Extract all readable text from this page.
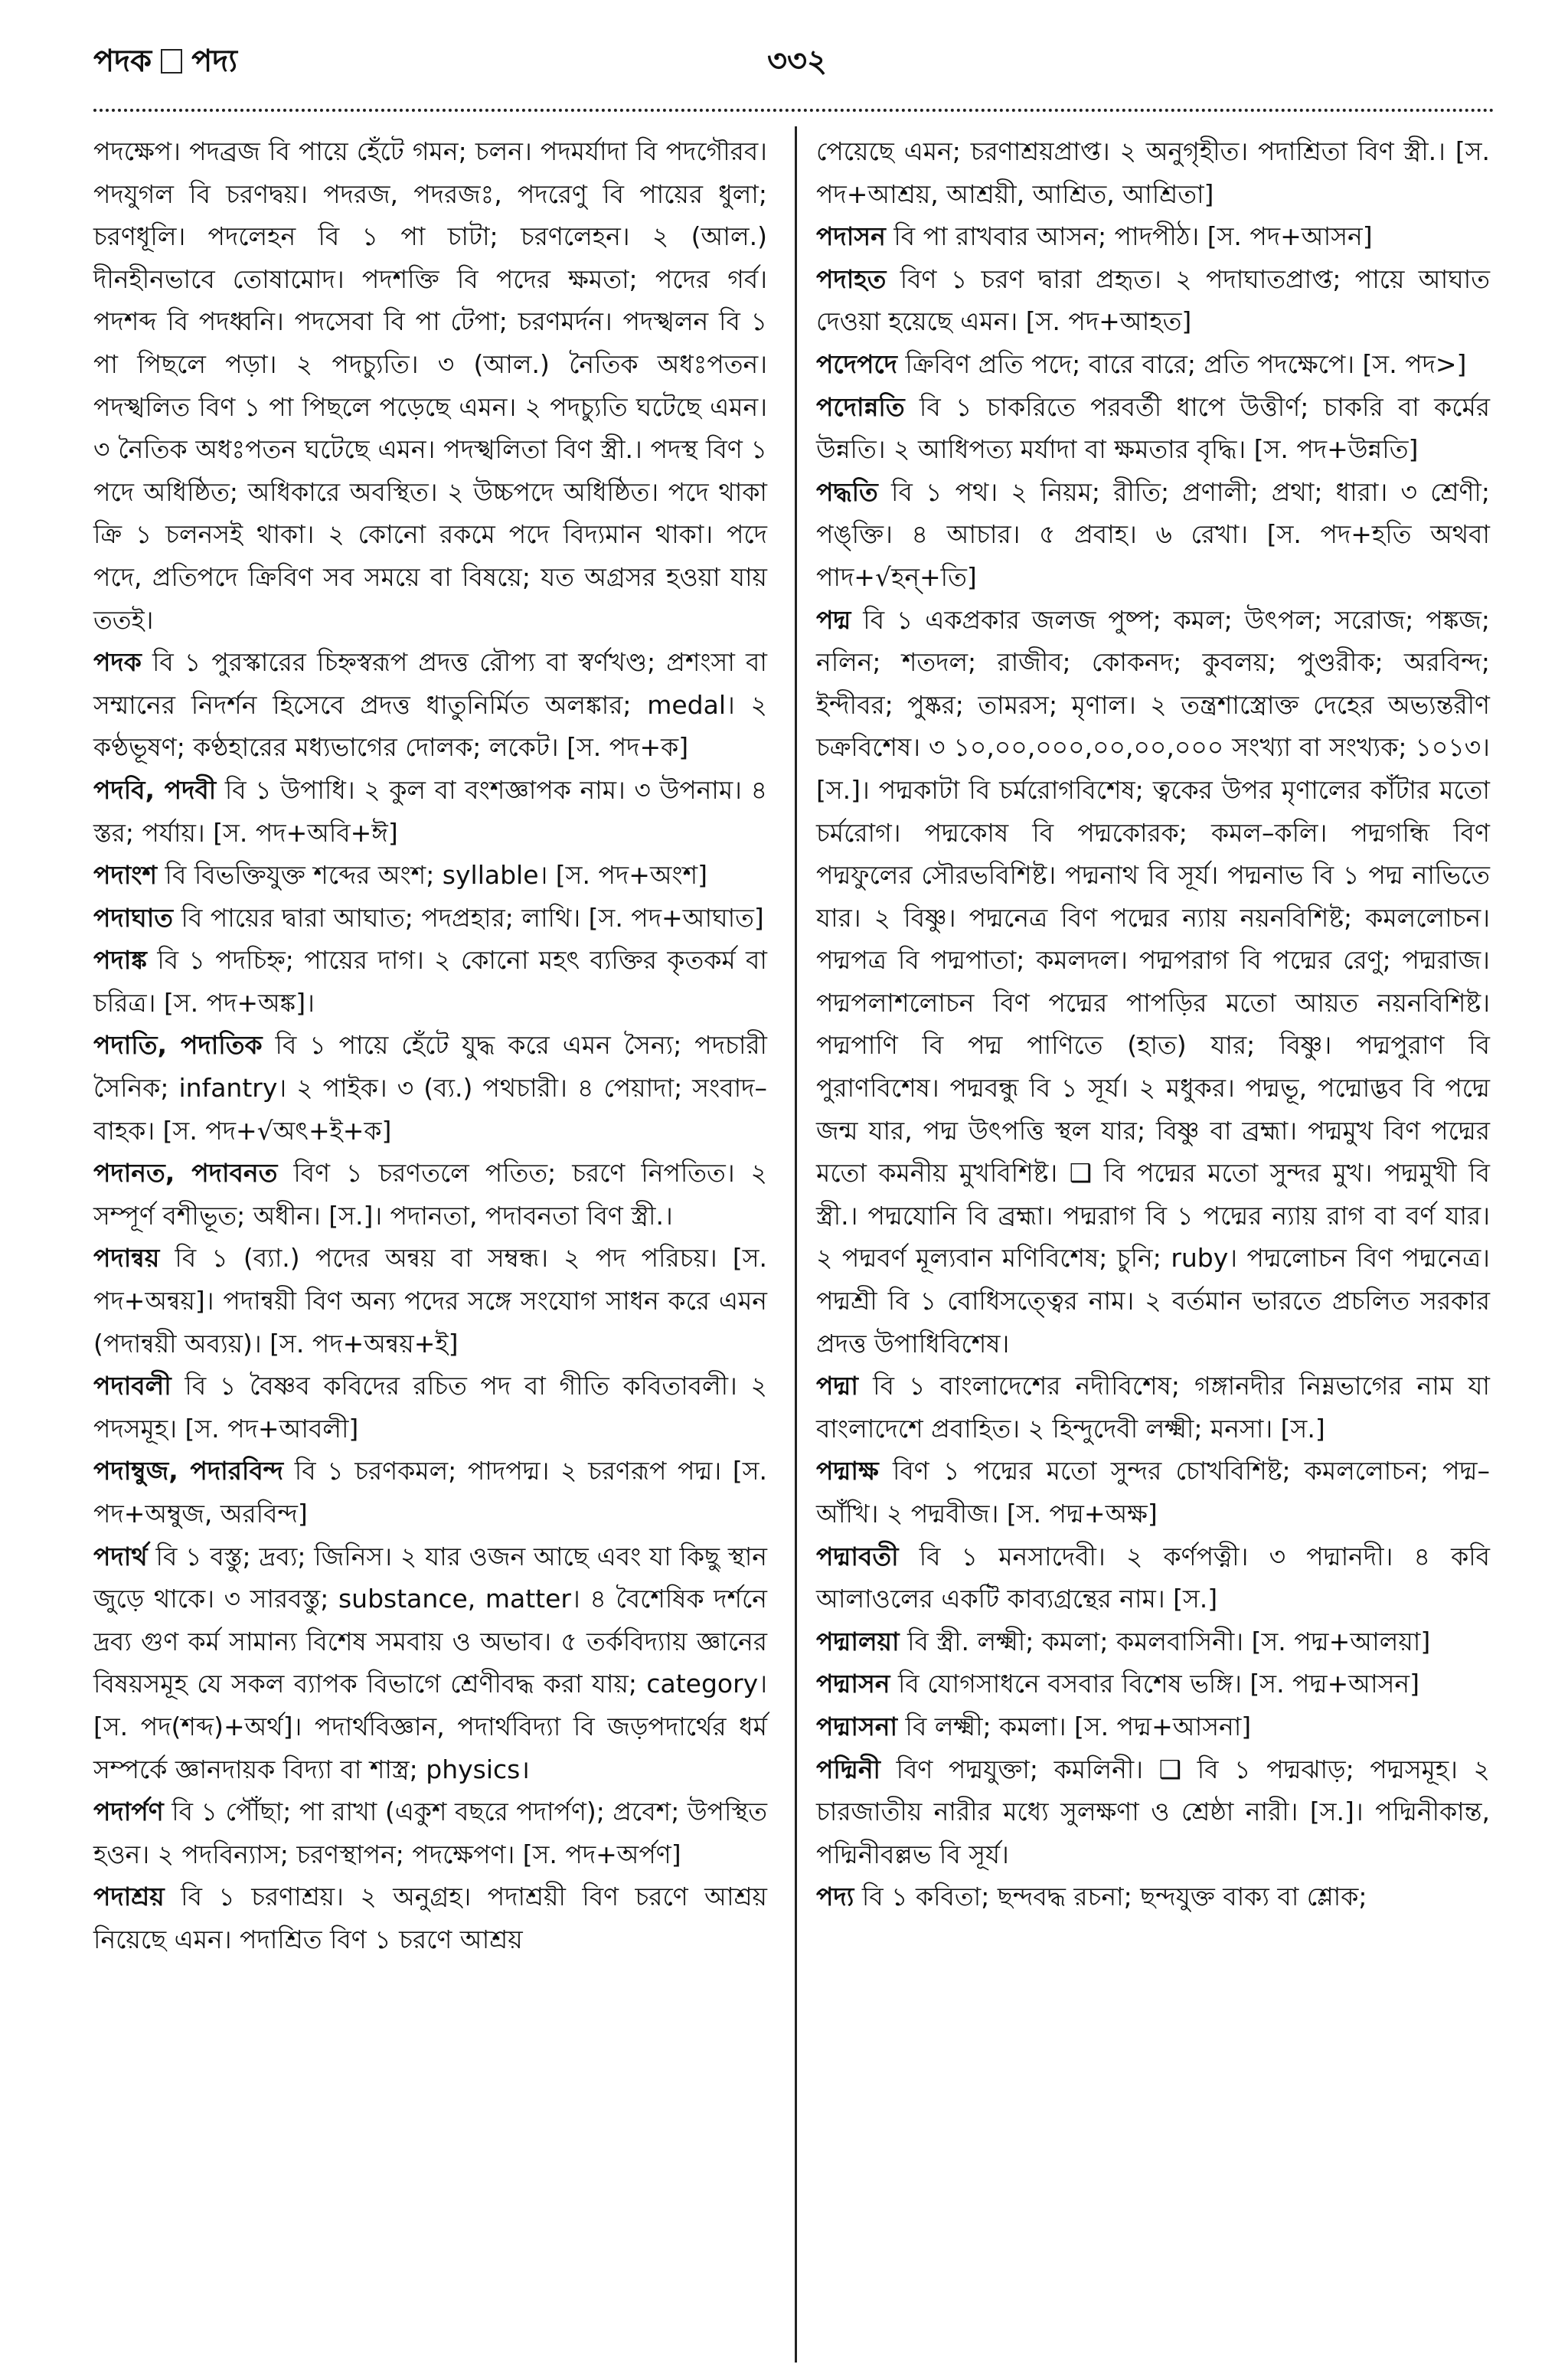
পদক পদ্য	৩৩২

পদক্ষেপ। পদব্রজ বি পায়ে হেঁটে গমন; চলন। পদমর্যাদা বি পদগৌরব। পদযুগল বি চরণদ্বয়। পদরজ, পদরজঃ, পদরেণু বি পায়ের ধুলা; চরণধূলি। পদলেহন বি ১ পা চাটা; চরণলেহন। ২ (আল.) দীনহীনভাবে তোষামোদ। পদশক্তি বি পদের ক্ষমতা; পদের গর্ব। পদশব্দ বি পদধ্বনি। পদসেবা বি পা টেপা; চরণমর্দন। পদস্খলন বি ১ পা পিছলে পড়া। ২ পদচ্যুতি। ৩ (আল.) নৈতিক অধঃপতন। পদস্খলিত বিণ ১ পা পিছলে পড়েছে এমন। ২ পদচ্যুতি ঘটেছে এমন। ৩ নৈতিক অধঃপতন ঘটেছে এমন। পদস্খলিতা বিণ স্ত্রী.। পদস্থ বিণ ১ পদে অধিষ্ঠিত; অধিকারে অবস্থিত। ২ উচ্চপদে অধিষ্ঠিত। পদে থাকা ক্রি ১ চলনসই থাকা। ২ কোনো রকমে পদে বিদ্যমান থাকা। পদে পদে, প্রতিপদে ক্রিবিণ সব সময়ে বা বিষয়ে; যত অগ্রসর হওয়া যায় ততই।

পদক বি ১ পুরস্কারের চিহ্নস্বরূপ প্রদত্ত রৌপ্য বা স্বর্ণখণ্ড; প্রশংসা বা সম্মানের নিদর্শন হিসেবে প্রদত্ত ধাতুনির্মিত অলঙ্কার; medal। ২ কণ্ঠভূষণ; কণ্ঠহারের মধ্যভাগের দোলক; লকেট। [স. পদ+ক]

পদবি, পদবী বি ১ উপাধি। ২ কুল বা বংশজ্ঞাপক নাম। ৩ উপনাম। ৪ স্তর; পর্যায়। [স. পদ+অবি+ঈ]

পদাংশ বি বিভক্তিযুক্ত শব্দের অংশ; syllable। [স. পদ+অংশ]

পদাঘাত বি পায়ের দ্বারা আঘাত; পদপ্রহার; লাথি। [স. পদ+আঘাত]

পদাঙ্ক বি ১ পদচিহ্ন; পায়ের দাগ। ২ কোনো মহৎ ব্যক্তির কৃতকর্ম বা চরিত্র। [স. পদ+অঙ্ক]।

পদাতি, পদাতিক বি ১ পায়ে হেঁটে যুদ্ধ করে এমন সৈন্য; পদচারী সৈনিক; infantry। ২ পাইক। ৩ (ব্য.) পথচারী। ৪ পেয়াদা; সংবাদ–বাহক। [স. পদ+√অৎ+ই+ক]

পদানত, পদাবনত বিণ ১ চরণতলে পতিত; চরণে নিপতিত। ২ সম্পূর্ণ বশীভূত; অধীন। [স.]। পদানতা, পদাবনতা বিণ স্ত্রী.।

পদান্বয় বি ১ (ব্যা.) পদের অন্বয় বা সম্বন্ধ। ২ পদ পরিচয়। [স. পদ+অন্বয়]। পদান্বয়ী বিণ অন্য পদের সঙ্গে সংযোগ সাধন করে এমন (পদান্বয়ী অব্যয়)। [স. পদ+অন্বয়+ই]

পদাবলী বি ১ বৈষ্ণব কবিদের রচিত পদ বা গীতি কবিতাবলী। ২ পদসমূহ। [স. পদ+আবলী]

পদাম্বুজ, পদারবিন্দ বি ১ চরণকমল; পাদপদ্ম। ২ চরণরূপ পদ্ম। [স. পদ+অম্বুজ, অরবিন্দ]

পদার্থ বি ১ বস্তু; দ্রব্য; জিনিস। ২ যার ওজন আছে এবং যা কিছু স্থান জুড়ে থাকে। ৩ সারবস্তু; substance, matter। ৪ বৈশেষিক দর্শনে দ্রব্য গুণ কর্ম সামান্য বিশেষ সমবায় ও অভাব। ৫ তর্কবিদ্যায় জ্ঞানের বিষয়সমূহ যে সকল ব্যাপক বিভাগে শ্রেণীবদ্ধ করা যায়; category। [স. পদ(শব্দ)+অর্থ]। পদার্থবিজ্ঞান, পদার্থবিদ্যা বি জড়পদার্থের ধর্ম সম্পর্কে জ্ঞানদায়ক বিদ্যা বা শাস্ত্র; physics।

পদার্পণ বি ১ পৌঁছা; পা রাখা (একুশ বছরে পদার্পণ); প্রবেশ; উপস্থিত হওন। ২ পদবিন্যাস; চরণস্থাপন; পদক্ষেপণ। [স. পদ+অর্পণ]

পদাশ্রয় বি ১ চরণাশ্রয়। ২ অনুগ্রহ। পদাশ্রয়ী বিণ চরণে আশ্রয় নিয়েছে এমন। পদাশ্রিত বিণ ১ চরণে আশ্রয়

পেয়েছে এমন; চরণাশ্রয়প্রাপ্ত। ২ অনুগৃহীত। পদাশ্রিতা বিণ স্ত্রী.। [স. পদ+আশ্রয়, আশ্রয়ী, আশ্রিত, আশ্রিতা]

পদাসন বি পা রাখবার আসন; পাদপীঠ। [স. পদ+আসন]

পদাহত বিণ ১ চরণ দ্বারা প্রহৃত। ২ পদাঘাতপ্রাপ্ত; পায়ে আঘাত দেওয়া হয়েছে এমন। [স. পদ+আহত]

পদেপদে ক্রিবিণ প্রতি পদে; বারে বারে; প্রতি পদক্ষেপে। [স. পদ>]

পদোন্নতি বি ১ চাকরিতে পরবর্তী ধাপে উত্তীর্ণ; চাকরি বা কর্মের উন্নতি। ২ আধিপত্য মর্যাদা বা ক্ষমতার বৃদ্ধি। [স. পদ+উন্নতি]

পদ্ধতি বি ১ পথ। ২ নিয়ম; রীতি; প্রণালী; প্রথা; ধারা। ৩ শ্রেণী; পঙ্‌ক্তি। ৪ আচার। ৫ প্রবাহ। ৬ রেখা। [স. পদ+হতি অথবা পাদ+√হন্‌+তি]

পদ্ম বি ১ একপ্রকার জলজ পুষ্প; কমল; উৎপল; সরোজ; পঙ্কজ; নলিন; শতদল; রাজীব; কোকনদ; কুবলয়; পুণ্ডরীক; অরবিন্দ; ইন্দীবর; পুষ্কর; তামরস; মৃণাল। ২ তন্ত্রশাস্ত্রোক্ত দেহের অভ্যন্তরীণ চক্রবিশেষ। ৩ ১০,০০,০০০,০০,০০,০০০ সংখ্যা বা সংখ্যক; ১০১৩। [স.]। পদ্মকাটা বি চর্মরোগবিশেষ; ত্বকের উপর মৃণালের কাঁটার মতো চর্মরোগ। পদ্মকোষ বি পদ্মকোরক; কমল–কলি। পদ্মগন্ধি বিণ পদ্মফুলের সৌরভবিশিষ্ট। পদ্মনাথ বি সূর্য। পদ্মনাভ বি ১ পদ্ম নাভিতে যার। ২ বিষ্ণু। পদ্মনেত্র বিণ পদ্মের ন্যায় নয়নবিশিষ্ট; কমললোচন। পদ্মপত্র বি পদ্মপাতা; কমলদল। পদ্মপরাগ বি পদ্মের রেণু; পদ্মরাজ। পদ্মপলাশলোচন বিণ পদ্মের পাপড়ির মতো আয়ত নয়নবিশিষ্ট। পদ্মপাণি বি পদ্ম পাণিতে (হাত) যার; বিষ্ণু। পদ্মপুরাণ বি পুরাণবিশেষ। পদ্মবন্ধু বি ১ সূর্য। ২ মধুকর। পদ্মভূ, পদ্মোদ্ভব বি পদ্মে জন্ম যার, পদ্ম উৎপত্তি স্থল যার; বিষ্ণু বা ব্রহ্মা। পদ্মমুখ বিণ পদ্মের মতো কমনীয় মুখবিশিষ্ট। ❑ বি পদ্মের মতো সুন্দর মুখ। পদ্মমুখী বি স্ত্রী.। পদ্মযোনি বি ব্রহ্মা। পদ্মরাগ বি ১ পদ্মের ন্যায় রাগ বা বর্ণ যার। ২ পদ্মবর্ণ মূল্যবান মণিবিশেষ; চুনি; ruby। পদ্মলোচন বিণ পদ্মনেত্র। পদ্মশ্রী বি ১ বোধিসত্ত্বের নাম। ২ বর্তমান ভারতে প্রচলিত সরকার প্রদত্ত উপাধিবিশেষ।

পদ্মা বি ১ বাংলাদেশের নদীবিশেষ; গঙ্গানদীর নিম্নভাগের নাম যা বাংলাদেশে প্রবাহিত। ২ হিন্দুদেবী লক্ষ্মী; মনসা। [স.]

পদ্মাক্ষ বিণ ১ পদ্মের মতো সুন্দর চোখবিশিষ্ট; কমললোচন; পদ্ম–আঁখি। ২ পদ্মবীজ। [স. পদ্ম+অক্ষ]

পদ্মাবতী বি ১ মনসাদেবী। ২ কর্ণপত্নী। ৩ পদ্মানদী। ৪ কবি আলাওলের একটি কাব্যগ্রন্থের নাম। [স.]

পদ্মালয়া বি স্ত্রী. লক্ষ্মী; কমলা; কমলবাসিনী। [স. পদ্ম+আলয়া]

পদ্মাসন বি যোগসাধনে বসবার বিশেষ ভঙ্গি। [স. পদ্ম+আসন]

পদ্মাসনা বি লক্ষ্মী; কমলা। [স. পদ্ম+আসনা]

পদ্মিনী বিণ পদ্মযুক্তা; কমলিনী। ❑ বি ১ পদ্মঝাড়; পদ্মসমূহ। ২ চারজাতীয় নারীর মধ্যে সুলক্ষণা ও শ্রেষ্ঠা নারী। [স.]। পদ্মিনীকান্ত, পদ্মিনীবল্লভ বি সূর্য।

পদ্য বি ১ কবিতা; ছন্দবদ্ধ রচনা; ছন্দযুক্ত বাক্য বা শ্লোক;
